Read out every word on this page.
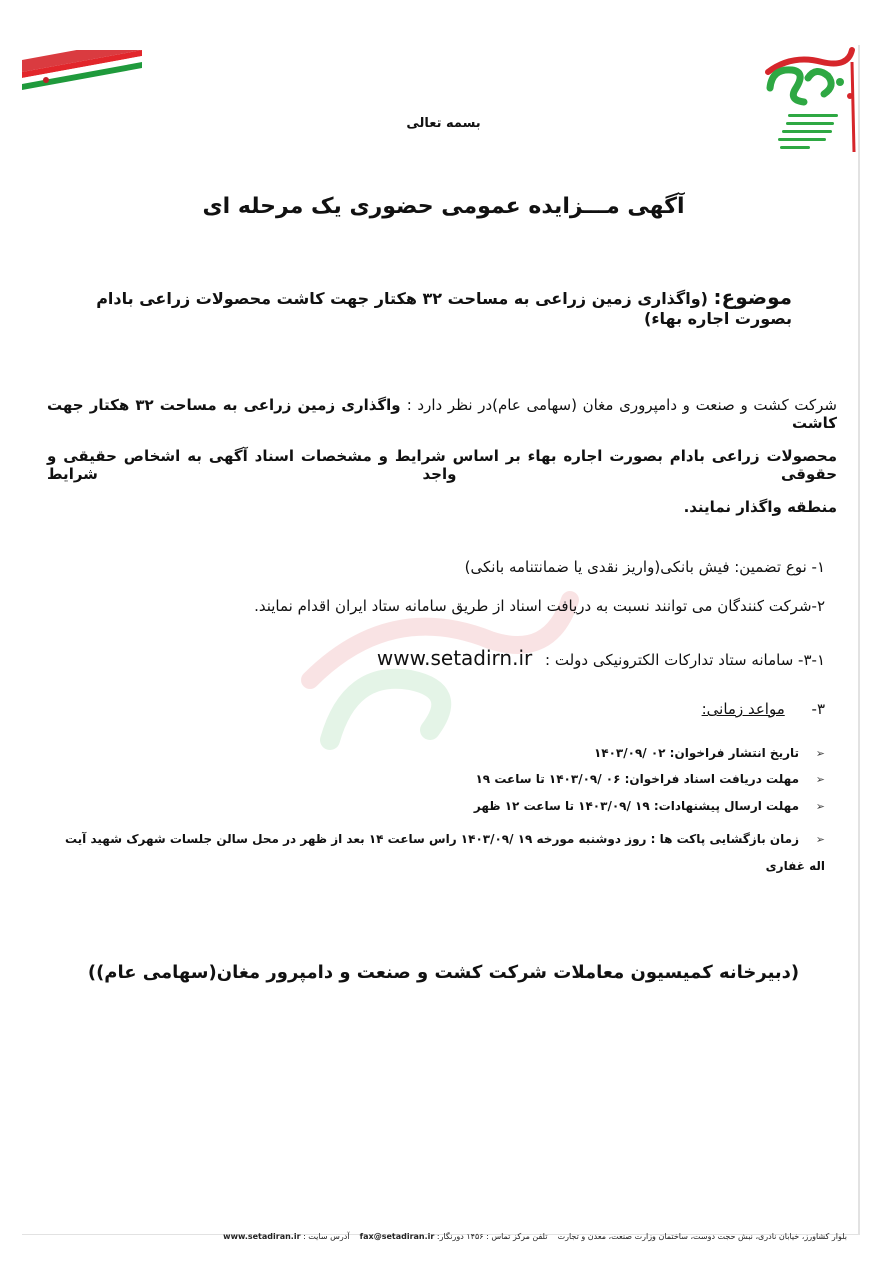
بسمه تعالی
آگهی مـــزایده عمومی حضوری یک مرحله ای
موضوع: (واگذاری زمین زراعی به مساحت ۳۲ هکتار جهت کاشت محصولات زراعی بادام بصورت اجاره بهاء)
شرکت کشت و صنعت و دامپروری مغان (سهامی عام)در نظر دارد : واگذاری زمین زراعی به مساحت ۳۲ هکتار جهت کاشت
محصولات زراعی بادام بصورت اجاره بهاء بر اساس شرایط و مشخصات اسناد آگهی به اشخاص حقیقی و حقوقی واجد شرایط
منطقه واگذار نمایند.
۱- نوع تضمین: فیش بانکی(واریز نقدی یا ضمانتنامه بانکی)
۲-شرکت کنندگان می توانند نسبت به دریافت اسناد از طریق سامانه ستاد ایران اقدام نمایند.
۳-۱- سامانه ستاد تدارکات الکترونیکی دولت : www.setadirn.ir
۳- مواعد زمانی:
➢تاریخ انتشار فراخوان: ۰۲ /۱۴۰۳/۰۹
➢مهلت دریافت اسناد فراخوان: ۰۶ /۱۴۰۳/۰۹ تا ساعت ۱۹
➢مهلت ارسال پیشنهادات: ۱۹ /۱۴۰۳/۰۹ تا ساعت ۱۲ ظهر
➢زمان بازگشایی پاکت ها : روز دوشنبه مورخه ۱۹ /۱۴۰۳/۰۹ راس ساعت ۱۴ بعد از ظهر در محل سالن جلسات شهرک شهید آیت اله غفاری
(دبیرخانه کمیسیون معاملات شرکت کشت و صنعت و دامپرور مغان(سهامی عام))
بلوار کشاورز، خیابان نادری، نبش حجت دوست، ساختمان وزارت صنعت، معدن و تجارت    تلفن مرکز تماس : ۱۴۵۶ دورنگار: fax@setadiran.ir    آدرس سایت : www.setadiran.ir
